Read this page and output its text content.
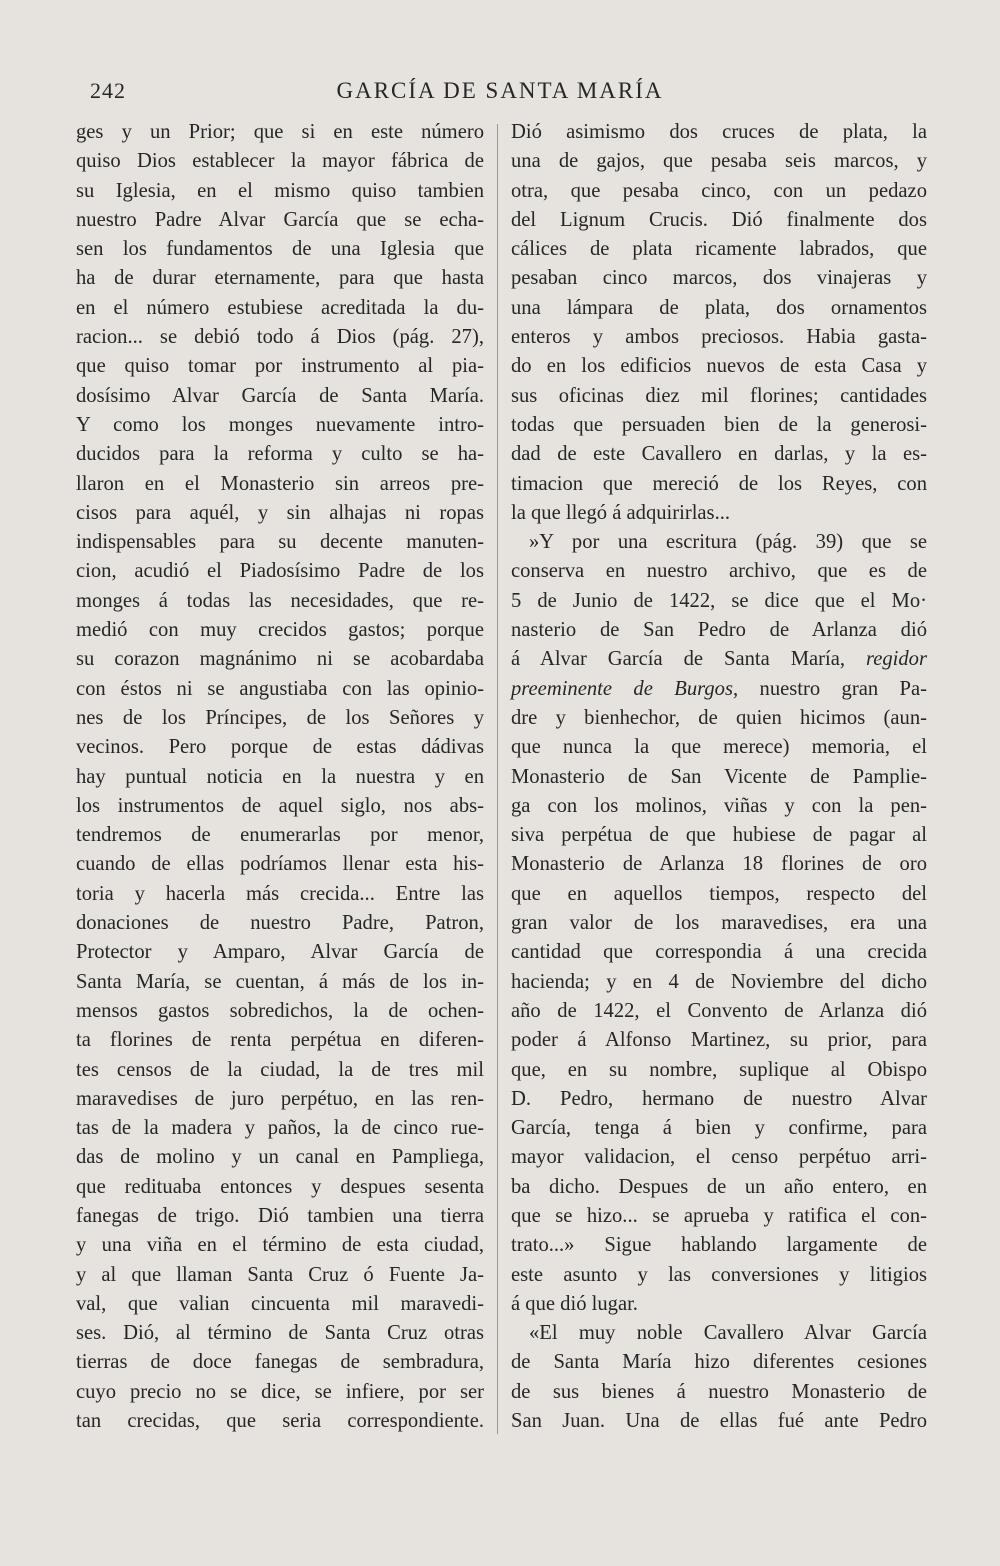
242	GARCÍA DE SANTA MARÍA
ges y un Prior; que si en este número
quiso Dios establecer la mayor fábrica de
su Iglesia, en el mismo quiso tambien
nuestro Padre Alvar García que se echa-
sen los fundamentos de una Iglesia que
ha de durar eternamente, para que hasta
en el número estubiese acreditada la du-
racion... se debió todo á Dios (pág. 27),
que quiso tomar por instrumento al pia-
dosísimo Alvar García de Santa María.
Y como los monges nuevamente intro-
ducidos para la reforma y culto se ha-
llaron en el Monasterio sin arreos pre-
cisos para aquél, y sin alhajas ni ropas
indispensables para su decente manuten-
cion, acudió el Piadosísimo Padre de los
monges á todas las necesidades, que re-
medió con muy crecidos gastos; porque
su corazon magnánimo ni se acobardaba
con éstos ni se angustiaba con las opinio-
nes de los Príncipes, de los Señores y
vecinos. Pero porque de estas dádivas
hay puntual noticia en la nuestra y en
los instrumentos de aquel siglo, nos abs-
tendremos de enumerarlas por menor,
cuando de ellas podríamos llenar esta his-
toria y hacerla más crecida... Entre las
donaciones de nuestro Padre, Patron,
Protector y Amparo, Alvar García de
Santa María, se cuentan, á más de los in-
mensos gastos sobredichos, la de ochen-
ta florines de renta perpétua en diferen-
tes censos de la ciudad, la de tres mil
maravedises de juro perpétuo, en las ren-
tas de la madera y paños, la de cinco rue-
das de molino y un canal en Pampliega,
que redituaba entonces y despues sesenta
fanegas de trigo. Dió tambien una tierra
y una viña en el término de esta ciudad,
y al que llaman Santa Cruz ó Fuente Ja-
val, que valian cincuenta mil maravedi-
ses. Dió, al término de Santa Cruz otras
tierras de doce fanegas de sembradura,
cuyo precio no se dice, se infiere, por ser
tan crecidas, que seria correspondiente.
Dió asimismo dos cruces de plata, la
una de gajos, que pesaba seis marcos, y
otra, que pesaba cinco, con un pedazo
del Lignum Crucis. Dió finalmente dos
cálices de plata ricamente labrados, que
pesaban cinco marcos, dos vinajeras y
una lámpara de plata, dos ornamentos
enteros y ambos preciosos. Habia gasta-
do en los edificios nuevos de esta Casa y
sus oficinas diez mil florines; cantidades
todas que persuaden bien de la generosi-
dad de este Cavallero en darlas, y la es-
timacion que mereció de los Reyes, con
la que llegó á adquirirlas...
»Y por una escritura (pág. 39) que se
conserva en nuestro archivo, que es de
5 de Junio de 1422, se dice que el Mo·
nasterio de San Pedro de Arlanza dió
á Alvar García de Santa María, regidor
preeminente de Burgos, nuestro gran Pa-
dre y bienhechor, de quien hicimos (aun-
que nunca la que merece) memoria, el
Monasterio de San Vicente de Pamplie-
ga con los molinos, viñas y con la pen-
siva perpétua de que hubiese de pagar al
Monasterio de Arlanza 18 florines de oro
que en aquellos tiempos, respecto del
gran valor de los maravedises, era una
cantidad que correspondia á una crecida
hacienda; y en 4 de Noviembre del dicho
año de 1422, el Convento de Arlanza dió
poder á Alfonso Martinez, su prior, para
que, en su nombre, suplique al Obispo
D. Pedro, hermano de nuestro Alvar
García, tenga á bien y confirme, para
mayor validacion, el censo perpétuo arri-
ba dicho. Despues de un año entero, en
que se hizo... se aprueba y ratifica el con-
trato...» Sigue hablando largamente de
este asunto y las conversiones y litigios
á que dió lugar.
«El muy noble Cavallero Alvar García
de Santa María hizo diferentes cesiones
de sus bienes á nuestro Monasterio de
San Juan. Una de ellas fué ante Pedro
